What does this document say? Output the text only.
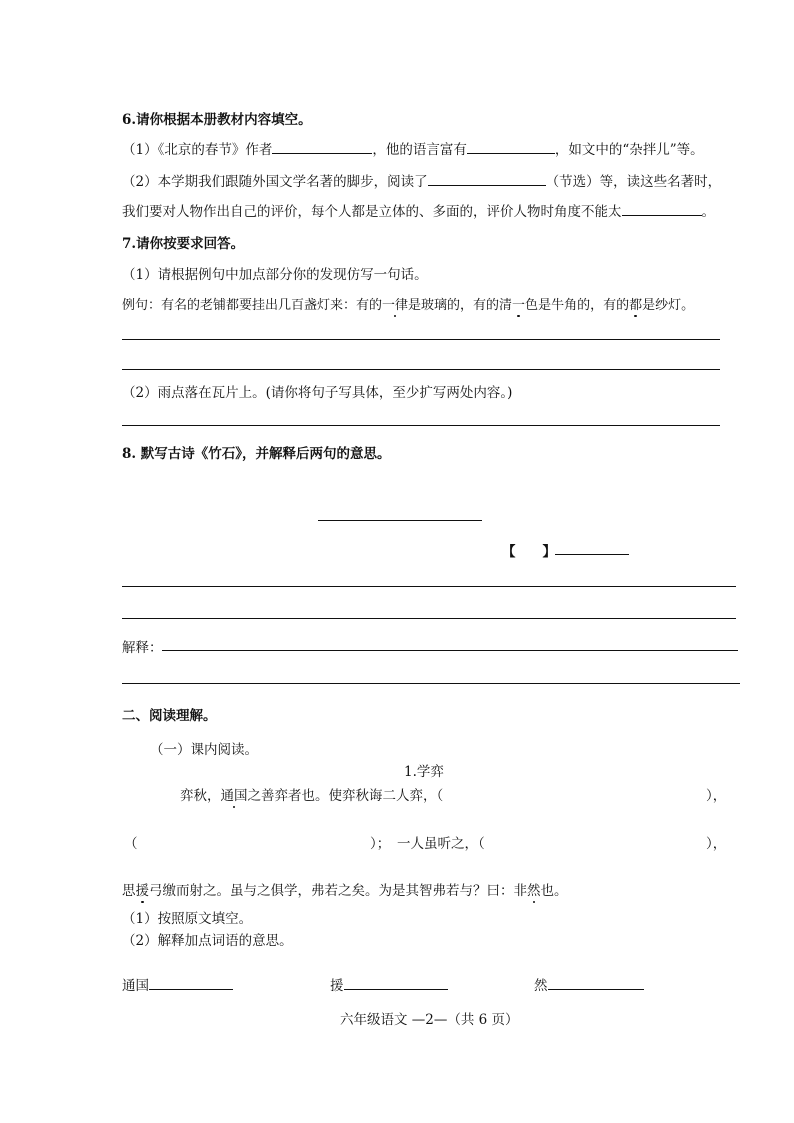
6.请你根据本册教材内容填空。
（1）《北京的春节》作者	，他的语言富有	，如文中的“杂拌儿”等。
（2）本学期我们跟随外国文学名著的脚步，阅读了	（节选）等，读这些名著时，
我们要对人物作出自己的评价，每个人都是立体的、多面的，评价人物时角度不能太	。
7.请你按要求回答。
（1）请根据例句中加点部分你的发现仿写一句话。
例句：有名的老铺都要挂出几百盏灯来：有的一律是玻璃的，有的清一色是牛角的，有的都是纱灯。
（2）雨点落在瓦片上。(请你将句子写具体，至少扩写两处内容。)
8. 默写古诗《竹石》，并解释后两句的意思。
【　　】
解释：
二、阅读理解。
（一）课内阅读。
1.学弈
弈秋，通国之善弈者也。使弈秋诲二人弈，（	），
（	）；　一人虽听之，（	），
思援弓缴而射之。虽与之俱学，弗若之矣。为是其智弗若与？曰：非然也。
（1）按照原文填空。
（2）解释加点词语的意思。
通国	援	然
六年级语文 —2—（共 6 页）
